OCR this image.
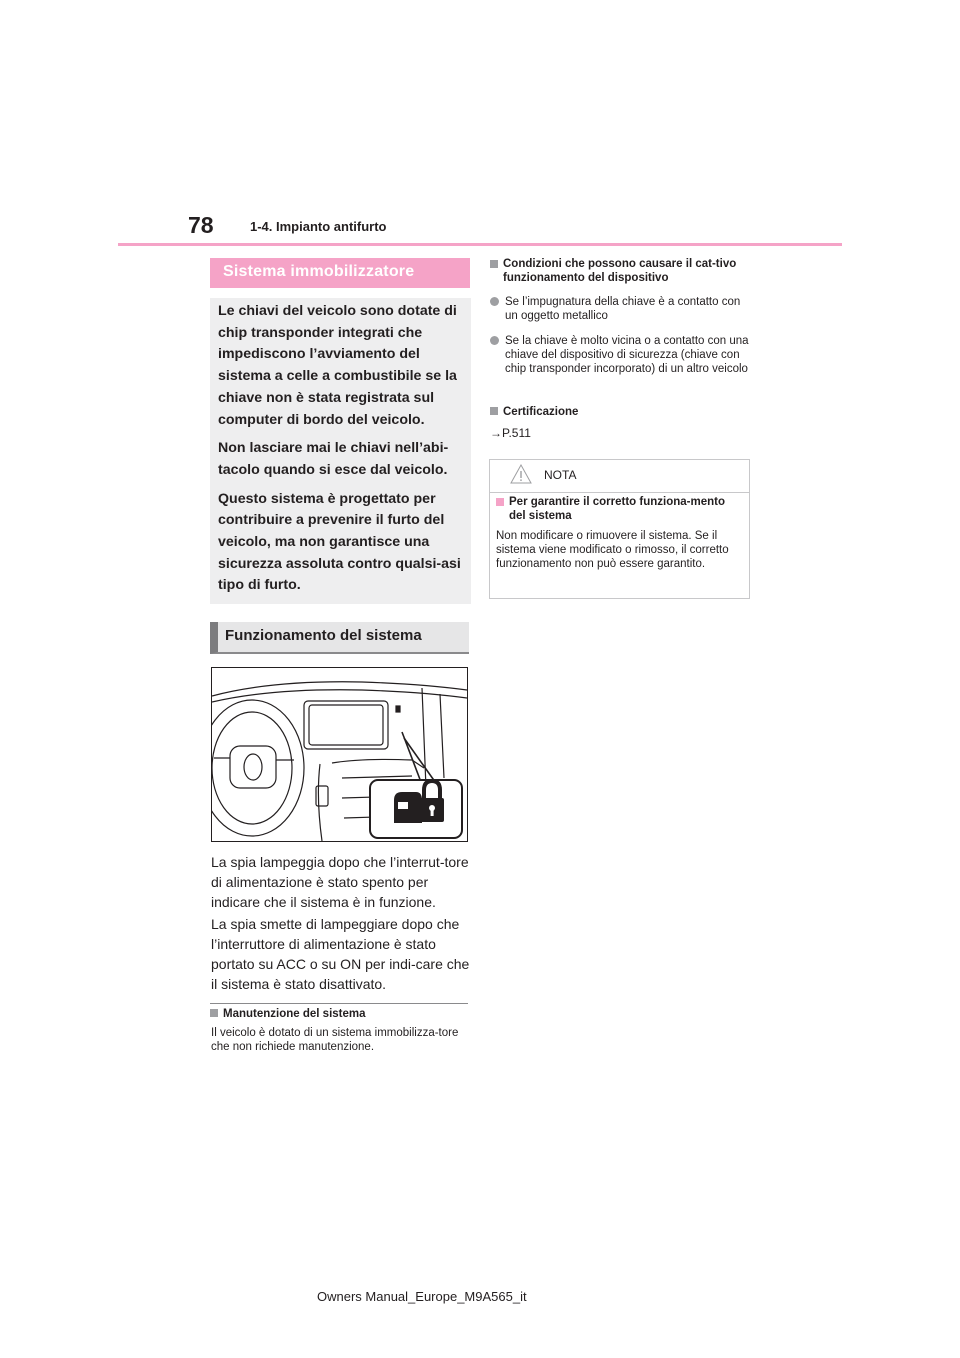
78	1-4. Impianto antifurto
Sistema immobilizzatore

Le chiavi del veicolo sono dotate di chip transponder integrati che impediscono l’avviamento del sistema a celle a combustibile se la chiave non è stata registrata sul computer di bordo del veicolo.

Non lasciare mai le chiavi nell’abi-tacolo quando si esce dal veicolo.

Questo sistema è progettato per contribuire a prevenire il furto del veicolo, ma non garantisce una sicurezza assoluta contro qualsi-asi tipo di furto.

Funzionamento del sistema
La spia lampeggia dopo che l’interrut-tore di alimentazione è stato spento per indicare che il sistema è in funzione.
La spia smette di lampeggiare dopo che l’interruttore di alimentazione è stato portato su ACC o su ON per indi-care che il sistema è stato disattivato.
Manutenzione del sistema
Il veicolo è dotato di un sistema immobilizza-tore che non richiede manutenzione.
Condizioni che possono causare il cat-tivo funzionamento del dispositivo
Se l’impugnatura della chiave è a contatto con un oggetto metallico
Se la chiave è molto vicina o a contatto con una chiave del dispositivo di sicurezza (chiave con chip transponder incorporato) di un altro veicolo
Certificazione
→P.511
NOTA
Per garantire il corretto funziona-mento del sistema
Non modificare o rimuovere il sistema. Se il sistema viene modificato o rimosso, il corretto funzionamento non può essere garantito.
Owners Manual_Europe_M9A565_it
